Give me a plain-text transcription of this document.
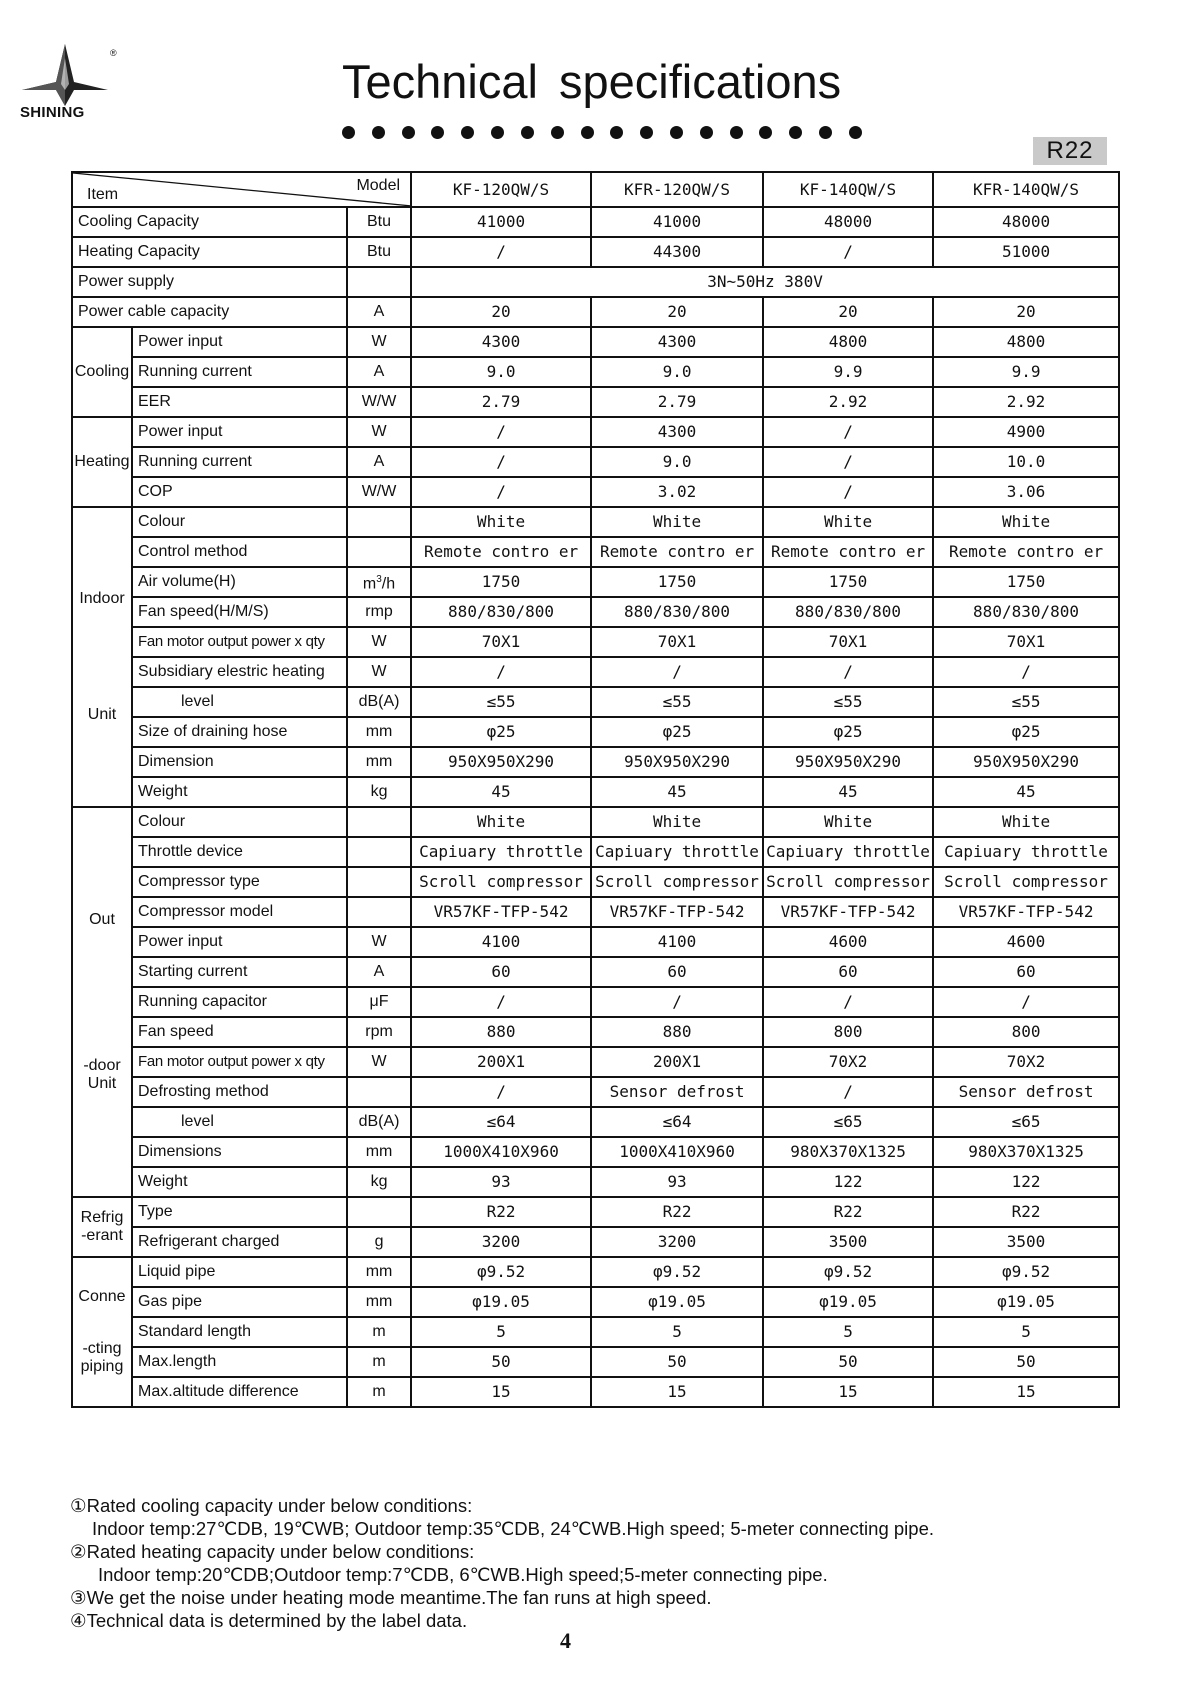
®
SHINING
Technical specifications
R22
Item
Model			KF-120QW/S	KFR-120QW/S	KF-140QW/S	KFR-140QW/S
Cooling Capacity		Btu	41000	41000	48000	48000
Heating Capacity		Btu	/	44300	/	51000
Power supply			3N~50Hz 380V			
Power cable capacity		A	20	20	20	20

Cooling	Power input	W	4300	4300	4800	4800
	Running current	A	9.0	9.0	9.9	9.9
	EER	W/W	2.79	2.79	2.92	2.92

Heating	Power input	W	/	4300	/	4900
	Running current	A	/	9.0	/	10.0
	COP	W/W	/	3.02	/	3.06

Indoor
Unit	Colour		White	White	White	White
	Control method		Remote contro er	Remote contro er	Remote contro er	Remote contro er
	Air volume(H)	$m^3/h$	1750	1750	1750	1750
	Fan speed(H/M/S)	rmp	880/830/800	880/830/800	880/830/800	880/830/800
	Fan motor output power x qty	W	70X1	70X1	70X1	70X1
	Subsidiary elestric heating	W	/	/	/	/
	level	dB(A)	≤55	≤55	≤55	≤55
	Size of draining hose	mm	φ25	φ25	φ25	φ25
	Dimension	mm	950X950X290	950X950X290	950X950X290	950X950X290
	Weight	kg	45	45	45	45

Out
-door
Unit	Colour		White	White	White	White
	Throttle device		Capiuary throttle	Capiuary throttle	Capiuary throttle	Capiuary throttle
	Compressor type		Scroll compressor	Scroll compressor	Scroll compressor	Scroll compressor
	Compressor model		VR57KF-TFP-542	VR57KF-TFP-542	VR57KF-TFP-542	VR57KF-TFP-542
	Power input	W	4100	4100	4600	4600
	Starting current	A	60	60	60	60
	Running capacitor	μF	/	/	/	/
	Fan speed	rpm	880	880	800	800
	Fan motor output power x qty	W	200X1	200X1	70X2	70X2
	Defrosting method		/	Sensor defrost	/	Sensor defrost
	level	dB(A)	≤64	≤64	≤65	≤65
	Dimensions	mm	1000X410X960	1000X410X960	980X370X1325	980X370X1325
	Weight	kg	93	93	122	122

Refrig
-erant	Type		R22	R22	R22	R22
	Refrigerant charged	g	3200	3200	3500	3500

Conne
-cting
piping	Liquid pipe	mm	φ9.52	φ9.52	φ9.52	φ9.52
	Gas pipe	mm	φ19.05	φ19.05	φ19.05	φ19.05
	Standard length	m	5	5	5	5
	Max.length	m	50	50	50	50
	Max.altitude difference	m	15	15	15	15

①Rated cooling capacity under below conditions:

Indoor temp:27℃DB, 19℃WB; Outdoor temp:35℃DB, 24℃WB.High speed; 5-meter connecting pipe.

②Rated heating capacity under below conditions:

Indoor temp:20℃DB;Outdoor temp:7℃DB, 6℃WB.High speed;5-meter connecting pipe.

③We get the noise under heating mode meantime.The fan runs at high speed.

④Technical data is determined by the label data.

4
